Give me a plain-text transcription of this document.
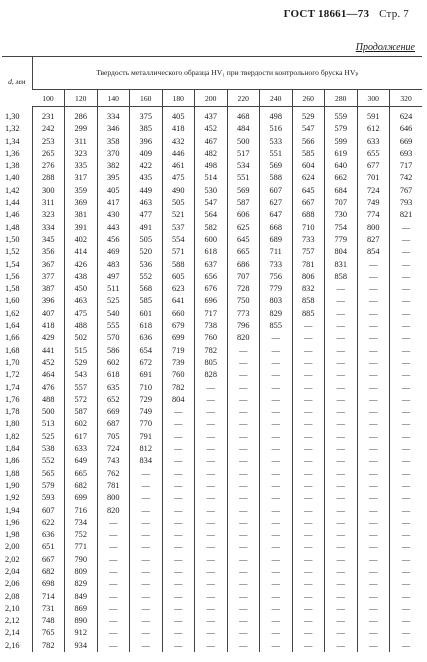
ГОСТ 18661—73 Стр. 7
Продолжение
d, мм	Твердость металлического образца HV₁ при твердости контрольного бруска HVₚ											
	100	120	140	160	180	200	220	240	260	280	300	320
1,30	231	286	334	375	405	437	468	498	529	559	591	624
1,32	242	299	346	385	418	452	484	516	547	579	612	646
1,34	253	311	358	396	432	467	500	533	566	599	633	669
1,36	265	323	370	409	446	482	517	551	585	619	655	693
1,38	276	335	382	422	461	498	534	569	604	640	677	717
1,40	288	317	395	435	475	514	551	588	624	662	701	742
1,42	300	359	405	449	490	530	569	607	645	684	724	767
1,44	311	369	417	463	505	547	587	627	667	707	749	793
1,46	323	381	430	477	521	564	606	647	688	730	774	821
1,48	334	391	443	491	537	582	625	668	710	754	800	—
1,50	345	402	456	505	554	600	645	689	733	779	827	—
1,52	356	414	469	520	571	618	665	711	757	804	854	—
1,54	367	426	483	536	588	637	686	733	781	831	—	—
1,56	377	438	497	552	605	656	707	756	806	858	—	—
1,58	387	450	511	568	623	676	728	779	832	—	—	—
1,60	396	463	525	585	641	696	750	803	858	—	—	—
1,62	407	475	540	601	660	717	773	829	885	—	—	—
1,64	418	488	555	618	679	738	796	855	—	—	—	—
1,66	429	502	570	636	699	760	820	—	—	—	—	—
1,68	441	515	586	654	719	782	—	—	—	—	—	—
1,70	452	529	602	672	739	805	—	—	—	—	—	—
1,72	464	543	618	691	760	828	—	—	—	—	—	—
1,74	476	557	635	710	782	—	—	—	—	—	—	—
1,76	488	572	652	729	804	—	—	—	—	—	—	—
1,78	500	587	669	749	—	—	—	—	—	—	—	—
1,80	513	602	687	770	—	—	—	—	—	—	—	—
1,82	525	617	705	791	—	—	—	—	—	—	—	—
1,84	538	633	724	812	—	—	—	—	—	—	—	—
1,86	552	649	743	834	—	—	—	—	—	—	—	—
1,88	565	665	762	—	—	—	—	—	—	—	—	—
1,90	579	682	781	—	—	—	—	—	—	—	—	—
1,92	593	699	800	—	—	—	—	—	—	—	—	—
1,94	607	716	820	—	—	—	—	—	—	—	—	—
1,96	622	734	—	—	—	—	—	—	—	—	—	—
1,98	636	752	—	—	—	—	—	—	—	—	—	—
2,00	651	771	—	—	—	—	—	—	—	—	—	—
2,02	667	790	—	—	—	—	—	—	—	—	—	—
2,04	682	809	—	—	—	—	—	—	—	—	—	—
2,06	698	829	—	—	—	—	—	—	—	—	—	—
2,08	714	849	—	—	—	—	—	—	—	—	—	—
2,10	731	869	—	—	—	—	—	—	—	—	—	—
2,12	748	890	—	—	—	—	—	—	—	—	—	—
2,14	765	912	—	—	—	—	—	—	—	—	—	—
2,16	782	934	—	—	—	—	—	—	—	—	—	—
